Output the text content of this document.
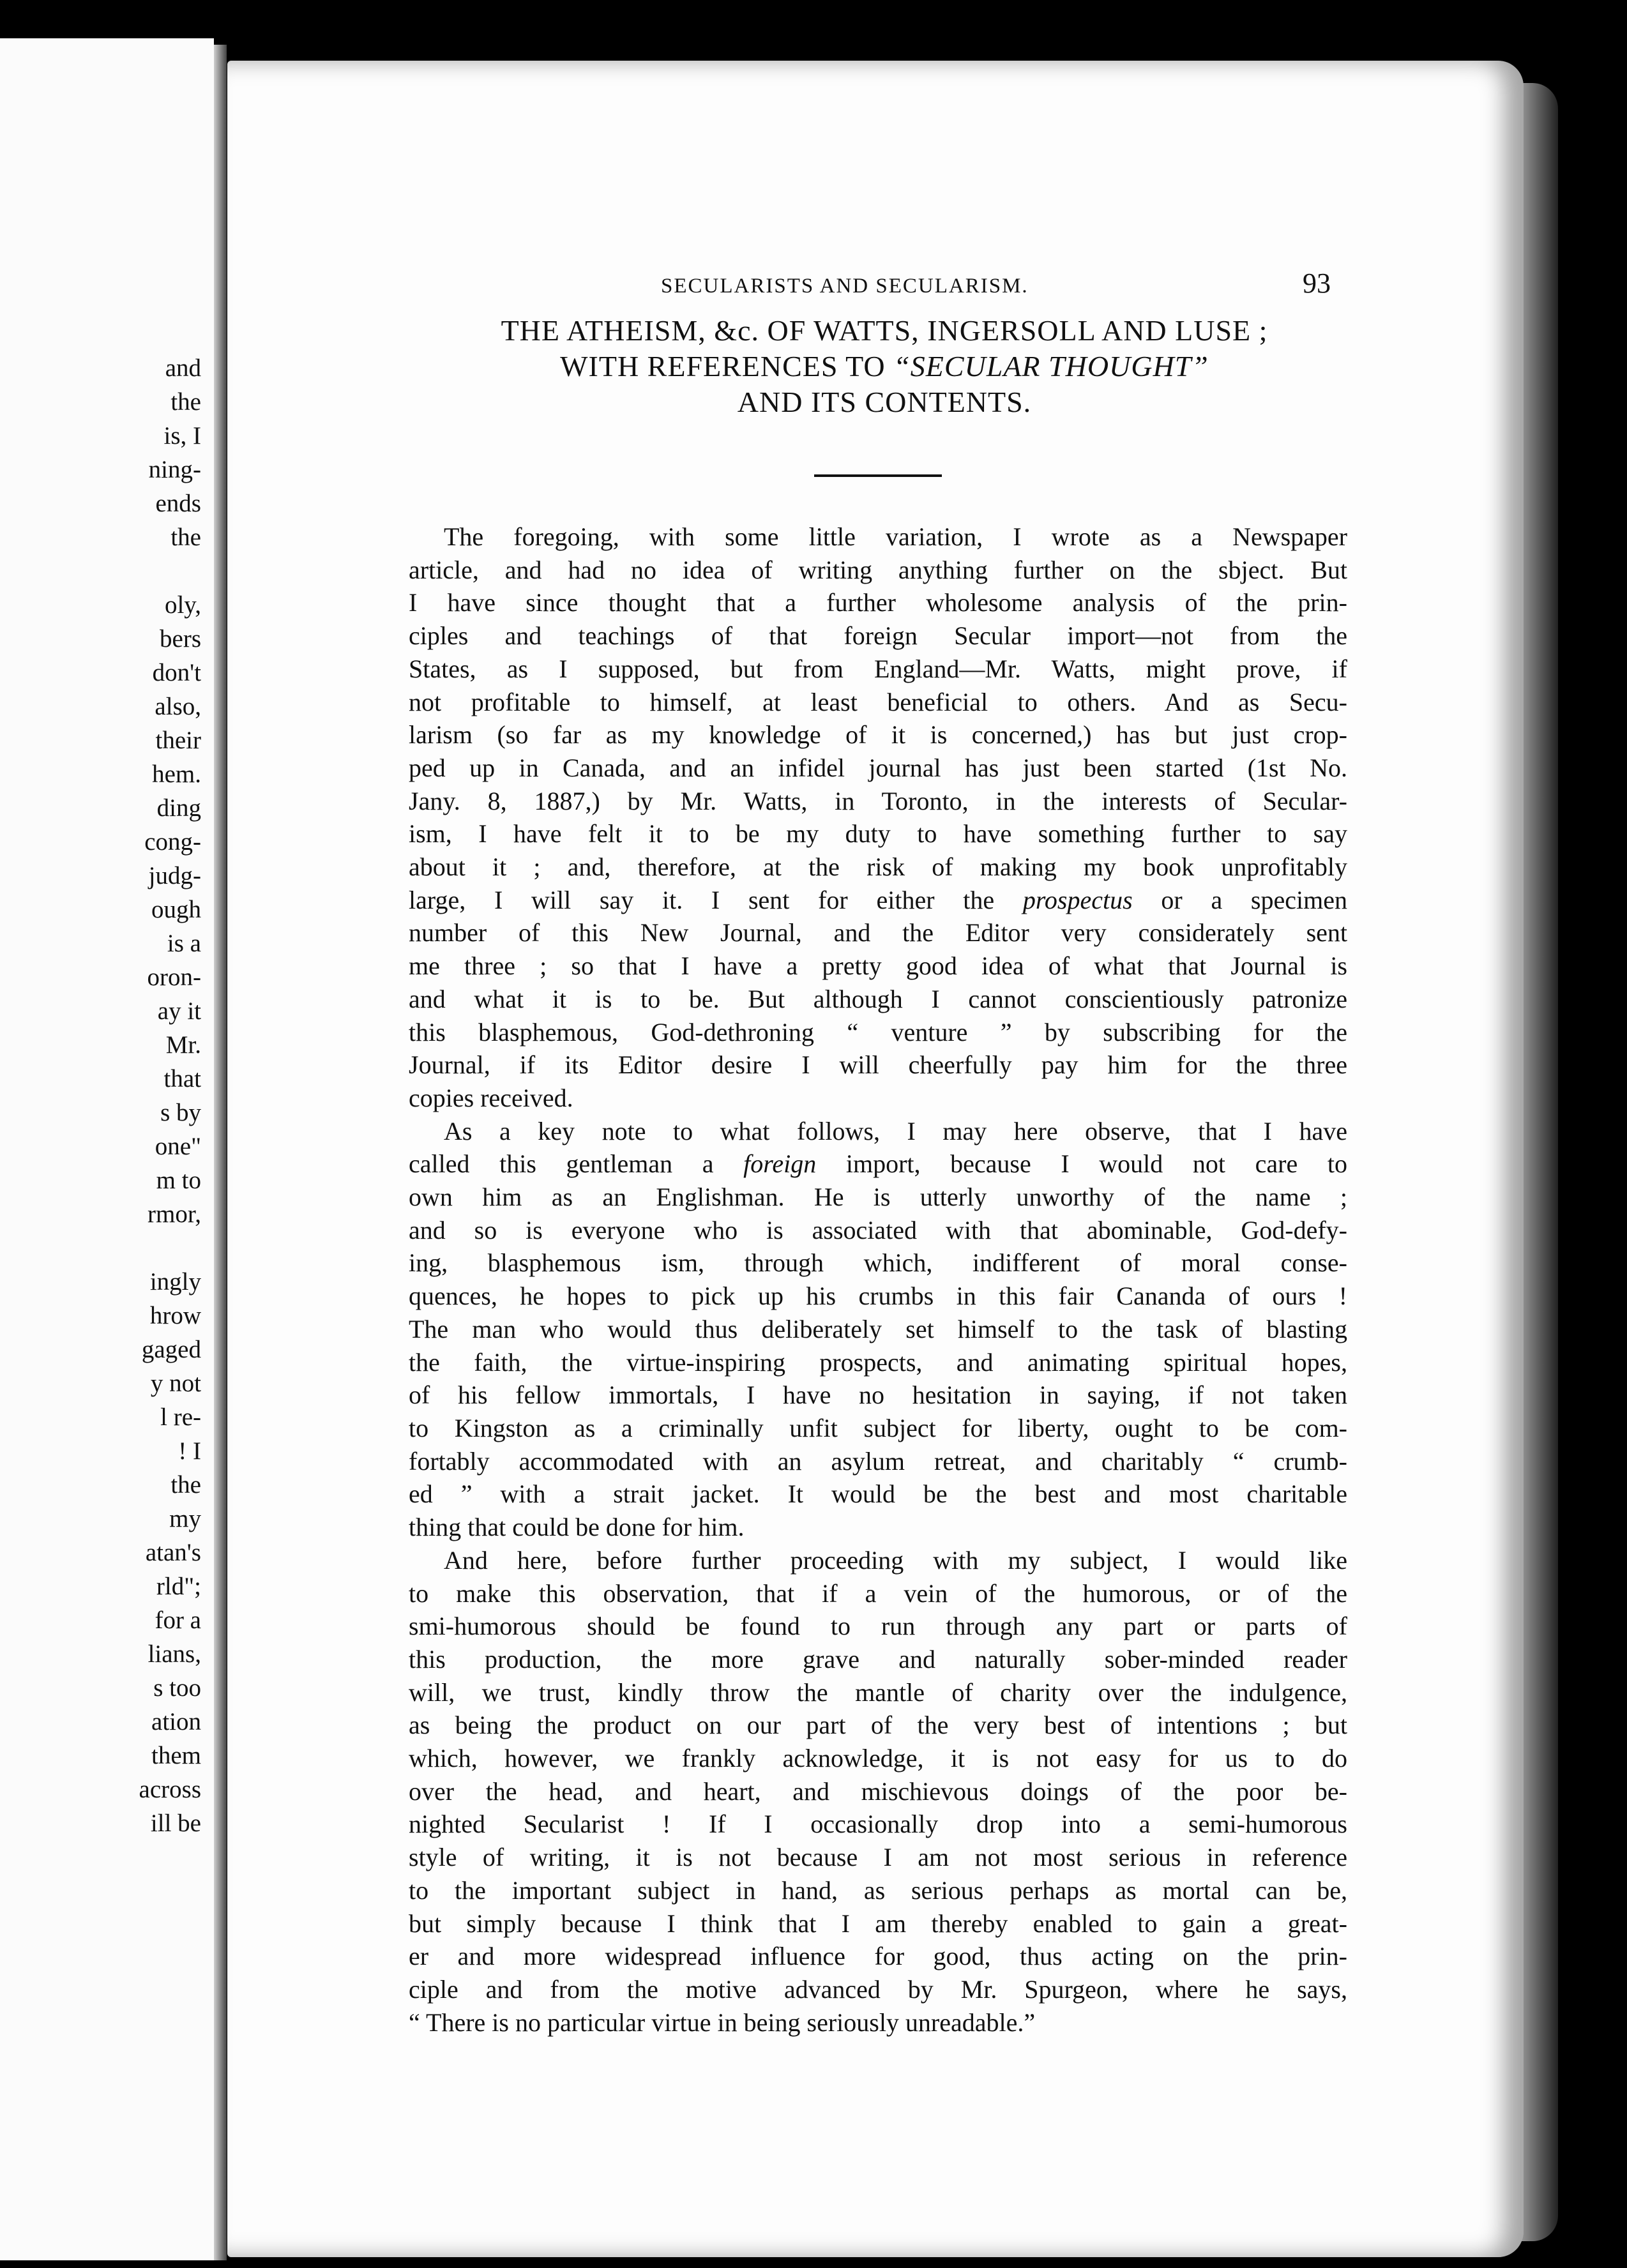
and
the
is, I
ning-
ends
the

oly,
bers
don't
also,
their
hem.
ding
cong-
judg-
ough
is a
oron-
ay it
Mr.
that
s by
one"
m to
rmor,

ingly
hrow
gaged
y not
l re-
! I
the
my
atan's
rld";
for a
lians,
s too
ation
them
across
ill be
SECULARISTS AND SECULARISM.	93
THE ATHEISM, &c. OF WATTS, INGERSOLL AND LUSE ;
WITH REFERENCES TO “SECULAR THOUGHT”
AND ITS CONTENTS.
The foregoing, with some little variation, I wrote as a Newspaper
article, and had no idea of writing anything further on the sbject. But
I have since thought that a further wholesome analysis of the prin-
ciples and teachings of that foreign Secular import—not from the
States, as I supposed, but from England—Mr. Watts, might prove, if
not profitable to himself, at least beneficial to others. And as Secu-
larism (so far as my knowledge of it is concerned,) has but just crop-
ped up in Canada, and an infidel journal has just been started (1st No.
Jany. 8, 1887,) by Mr. Watts, in Toronto, in the interests of Secular-
ism, I have felt it to be my duty to have something further to say
about it ; and, therefore, at the risk of making my book unprofitably
large, I will say it. I sent for either the prospectus or a specimen
number of this New Journal, and the Editor very considerately sent
me three ; so that I have a pretty good idea of what that Journal is
and what it is to be. But although I cannot conscientiously patronize
this blasphemous, God-dethroning “ venture ” by subscribing for the
Journal, if its Editor desire I will cheerfully pay him for the three
copies received.
As a key note to what follows, I may here observe, that I have
called this gentleman a foreign import, because I would not care to
own him as an Englishman. He is utterly unworthy of the name ;
and so is everyone who is associated with that abominable, God-defy-
ing, blasphemous ism, through which, indifferent of moral conse-
quences, he hopes to pick up his crumbs in this fair Cananda of ours !
The man who would thus deliberately set himself to the task of blasting
the faith, the virtue-inspiring prospects, and animating spiritual hopes,
of his fellow immortals, I have no hesitation in saying, if not taken
to Kingston as a criminally unfit subject for liberty, ought to be com-
fortably accommodated with an asylum retreat, and charitably “ crumb-
ed ” with a strait jacket. It would be the best and most charitable
thing that could be done for him.
And here, before further proceeding with my subject, I would like
to make this observation, that if a vein of the humorous, or of the
smi-humorous should be found to run through any part or parts of
this production, the more grave and naturally sober-minded reader
will, we trust, kindly throw the mantle of charity over the indulgence,
as being the product on our part of the very best of intentions ; but
which, however, we frankly acknowledge, it is not easy for us to do
over the head, and heart, and mischievous doings of the poor be-
nighted Secularist ! If I occasionally drop into a semi-humorous
style of writing, it is not because I am not most serious in reference
to the important subject in hand, as serious perhaps as mortal can be,
but simply because I think that I am thereby enabled to gain a great-
er and more widespread influence for good, thus acting on the prin-
ciple and from the motive advanced by Mr. Spurgeon, where he says,
“ There is no particular virtue in being seriously unreadable.”
